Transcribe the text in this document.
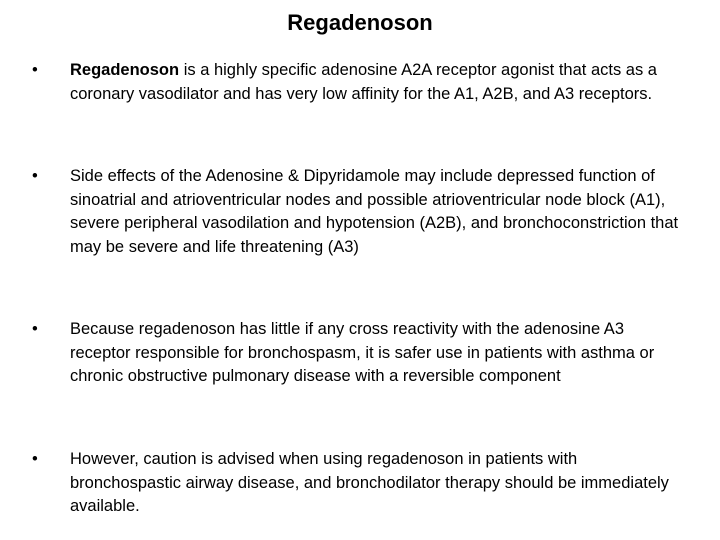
Regadenoson
•	Regadenoson is a highly specific adenosine A2A receptor agonist that acts as a coronary vasodilator and has very low affinity for the A1, A2B, and A3 receptors.
•	Side effects of the Adenosine & Dipyridamole may include depressed function of sinoatrial and atrioventricular nodes and possible atrioventricular node block (A1), severe peripheral vasodilation and hypotension (A2B), and bronchoconstriction that may be severe and life threatening (A3)
•	Because regadenoson has little if any cross reactivity with the adenosine A3 receptor responsible for bronchospasm, it is safer use in patients with asthma or chronic obstructive pulmonary disease with a reversible component
•	However, caution is advised when using regadenoson in patients with bronchospastic airway disease, and bronchodilator therapy should be immediately available.
